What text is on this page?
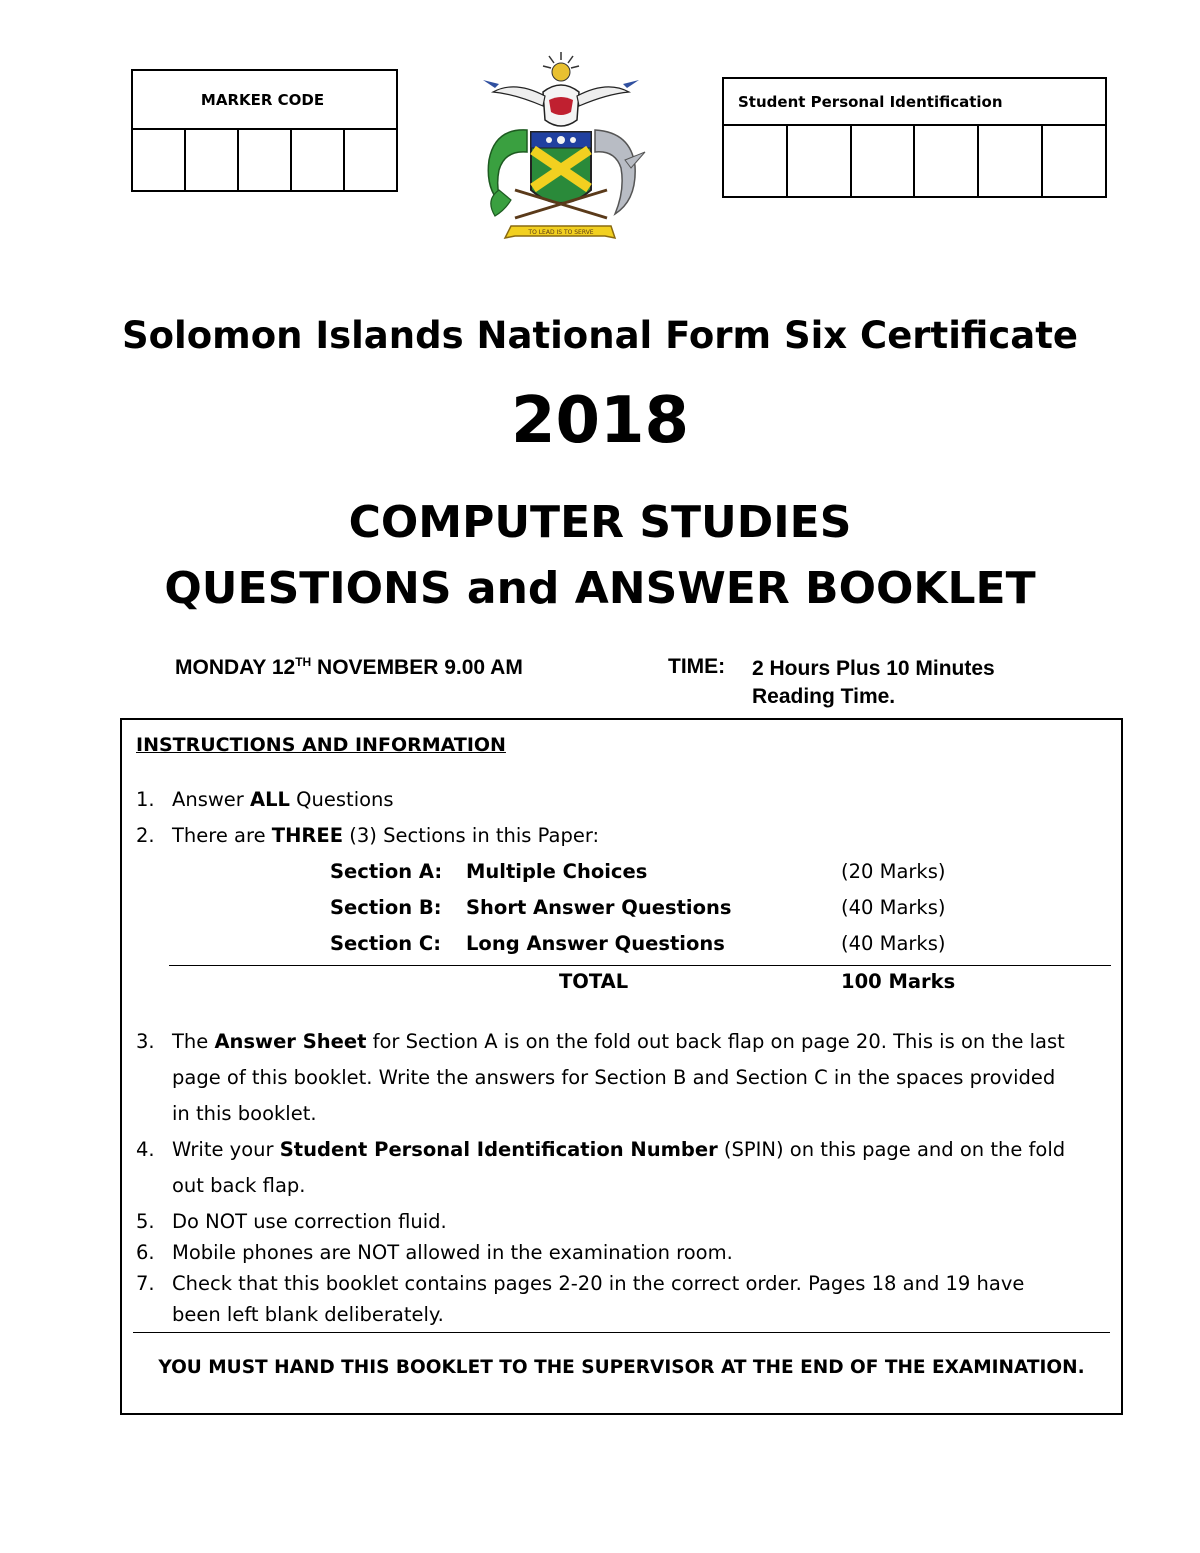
MARKER CODE
TO LEAD IS TO SERVE
Student Personal Identification
Solomon Islands National Form Six Certificate
2018
COMPUTER STUDIES
QUESTIONS and ANSWER BOOKLET
MONDAY 12TH NOVEMBER 9.00 AM	TIME: 2 Hours Plus 10 Minutes
Reading Time.
INSTRUCTIONS AND INFORMATION
1. Answer ALL Questions
2. There are THREE (3) Sections in this Paper:
Section A: Multiple Choices	(20 Marks)
Section B: Short Answer Questions	(40 Marks)
Section C: Long Answer Questions	(40 Marks)
TOTAL	100 Marks
3. The Answer Sheet for Section A is on the fold out back flap on page 20. This is on the last
page of this booklet. Write the answers for Section B and Section C in the spaces provided
in this booklet.
4. Write your Student Personal Identification Number (SPIN) on this page and on the fold
out back flap.
5. Do NOT use correction fluid.
6. Mobile phones are NOT allowed in the examination room.
7. Check that this booklet contains pages 2-20 in the correct order. Pages 18 and 19 have
been left blank deliberately.
YOU MUST HAND THIS BOOKLET TO THE SUPERVISOR AT THE END OF THE EXAMINATION.
